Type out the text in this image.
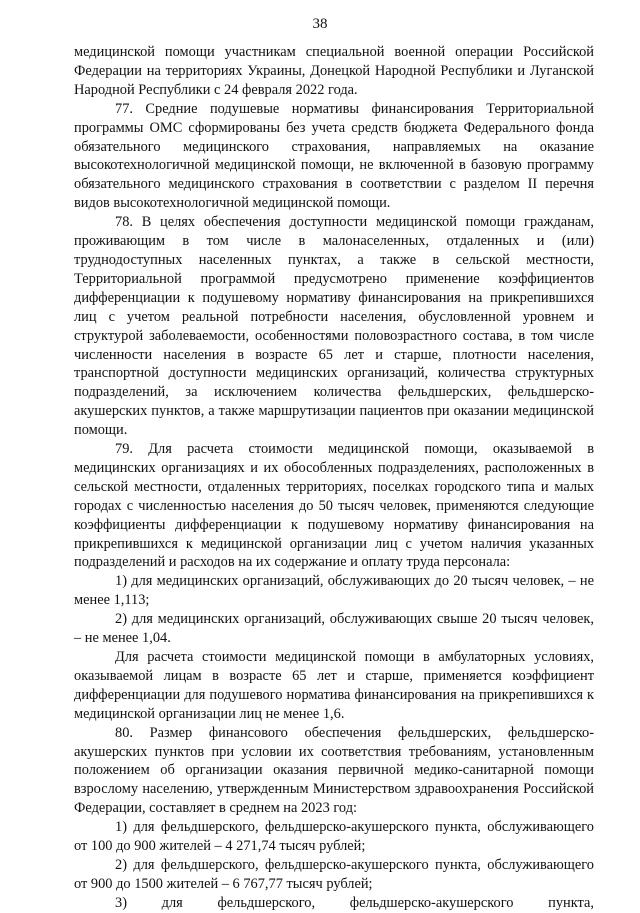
38

медицинской помощи участникам специальной военной операции Российской Федерации на территориях Украины, Донецкой Народной Республики и Луганской Народной Республики с 24 февраля 2022 года.

77. Средние подушевые нормативы финансирования Территориальной программы ОМС сформированы без учета средств бюджета Федерального фонда обязательного медицинского страхования, направляемых на оказание высокотехнологичной медицинской помощи, не включенной в базовую программу обязательного медицинского страхования в соответствии с разделом II перечня видов высокотехнологичной медицинской помощи.

78. В целях обеспечения доступности медицинской помощи гражданам, проживающим в том числе в малонаселенных, отдаленных и (или) труднодоступных населенных пунктах, а также в сельской местности, Территориальной программой предусмотрено применение коэффициентов дифференциации к подушевому нормативу финансирования на прикрепившихся лиц с учетом реальной потребности населения, обусловленной уровнем и структурой заболеваемости, особенностями половозрастного состава, в том числе численности населения в возрасте 65 лет и старше, плотности населения, транспортной доступности медицинских организаций, количества структурных подразделений, за исключением количества фельдшерских, фельдшерско-акушерских пунктов, а также маршрутизации пациентов при оказании медицинской помощи.

79. Для расчета стоимости медицинской помощи, оказываемой в медицинских организациях и их обособленных подразделениях, расположенных в сельской местности, отдаленных территориях, поселках городского типа и малых городах с численностью населения до 50 тысяч человек, применяются следующие коэффициенты дифференциации к подушевому нормативу финансирования на прикрепившихся к медицинской организации лиц с учетом наличия указанных подразделений и расходов на их содержание и оплату труда персонала:

1) для медицинских организаций, обслуживающих до 20 тысяч человек, – не менее 1,113;

2) для медицинских организаций, обслуживающих свыше 20 тысяч человек, – не менее 1,04.

Для расчета стоимости медицинской помощи в амбулаторных условиях, оказываемой лицам в возрасте 65 лет и старше, применяется коэффициент дифференциации для подушевого норматива финансирования на прикрепившихся к медицинской организации лиц не менее 1,6.

80. Размер финансового обеспечения фельдшерских, фельдшерско-акушерских пунктов при условии их соответствия требованиям, установленным положением об организации оказания первичной медико-санитарной помощи взрослому населению, утвержденным Министерством здравоохранения Российской Федерации, составляет в среднем на 2023 год:

1) для фельдшерского, фельдшерско-акушерского пункта, обслуживающего от 100 до 900 жителей – 4 271,74 тысяч рублей;

2) для фельдшерского, фельдшерско-акушерского пункта, обслуживающего от 900 до 1500 жителей – 6 767,77 тысяч рублей;

3) для фельдшерского, фельдшерско-акушерского пункта,
